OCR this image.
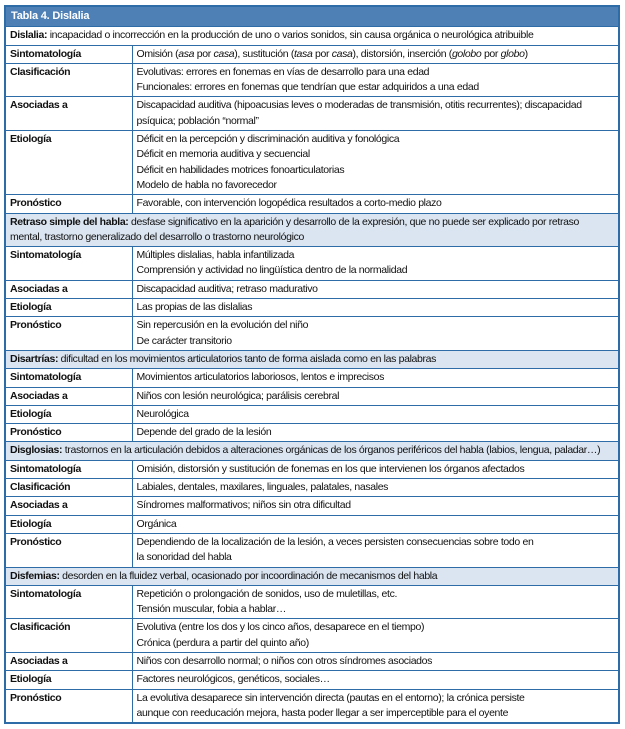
Tabla 4. Dislalia	
Dislalia: incapacidad o incorrección en la producción de uno o varios sonidos, sin causa orgánica o neurológica atribuible	
Sintomatología	Omisión (asa por casa), sustitución (tasa por casa), distorsión, inserción (golobo por globo)

Clasificación	Evolutivas: errores en fonemas en vías de desarrollo para una edad
Funcionales: errores en fonemas que tendrían que estar adquiridos a una edad

Asociadas a	Discapacidad auditiva (hipoacusias leves o moderadas de transmisión, otitis recurrentes); discapacidad psíquica; población “normal”

Etiología	Déficit en la percepción y discriminación auditiva y fonológica
Déficit en memoria auditiva y secuencial
Déficit en habilidades motrices fonoarticulatorias
Modelo de habla no favorecedor

Pronóstico	Favorable, con intervención logopédica resultados a corto-medio plazo

Retraso simple del habla: desfase significativo en la aparición y desarrollo de la expresión, que no puede ser explicado por retraso mental, trastorno generalizado del desarrollo o trastorno neurológico	
Sintomatología	Múltiples dislalias, habla infantilizada
Comprensión y actividad no lingüística dentro de la normalidad

Asociadas a	Discapacidad auditiva; retraso madurativo

Etiología	Las propias de las dislalias

Pronóstico	Sin repercusión en la evolución del niño
De carácter transitorio

Disartrías: dificultad en los movimientos articulatorios tanto de forma aislada como en las palabras	
Sintomatología	Movimientos articulatorios laboriosos, lentos e imprecisos

Asociadas a	Niños con lesión neurológica; parálisis cerebral

Etiología	Neurológica

Pronóstico	Depende del grado de la lesión

Disglosias: trastornos en la articulación debidos a alteraciones orgánicas de los órganos periféricos del habla (labios, lengua, paladar…)	
Sintomatología	Omisión, distorsión y sustitución de fonemas en los que intervienen los órganos afectados

Clasificación	Labiales, dentales, maxilares, linguales, palatales, nasales

Asociadas a	Síndromes malformativos; niños sin otra dificultad

Etiología	Orgánica

Pronóstico	Dependiendo de la localización de la lesión, a veces persisten consecuencias sobre todo en
la sonoridad del habla

Disfemias: desorden en la fluidez verbal, ocasionado por incoordinación de mecanismos del habla	
Sintomatología	Repetición o prolongación de sonidos, uso de muletillas, etc.
Tensión muscular, fobia a hablar…

Clasificación	Evolutiva (entre los dos y los cinco años, desaparece en el tiempo)
Crónica (perdura a partir del quinto año)

Asociadas a	Niños con desarrollo normal; o niños con otros síndromes asociados

Etiología	Factores neurológicos, genéticos, sociales…

Pronóstico	La evolutiva desaparece sin intervención directa (pautas en el entorno); la crónica persiste
aunque con reeducación mejora, hasta poder llegar a ser imperceptible para el oyente
